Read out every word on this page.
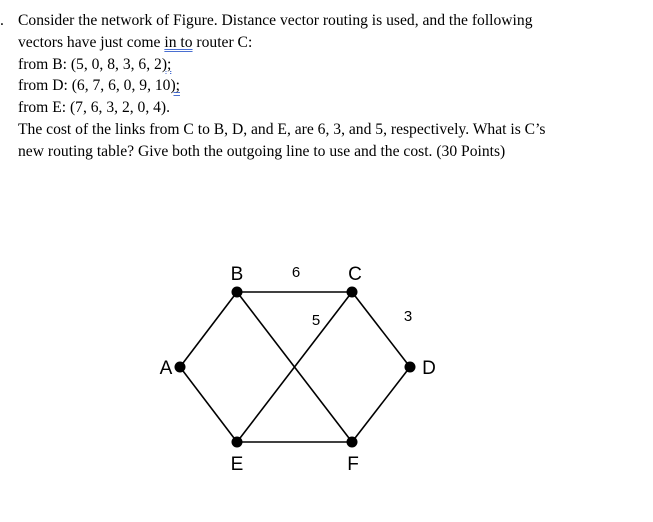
. Consider the network of Figure. Distance vector routing is used, and the following
vectors have just come in to router C:
from B: (5, 0, 8, 3, 6, 2);
from D: (6, 7, 6, 0, 9, 10);
from E: (7, 6, 3, 2, 0, 4).
The cost of the links from C to B, D, and E, are 6, 3, and 5, respectively. What is C’s
new routing table? Give both the outgoing line to use and the cost. (30 Points)
A
B	C
D
E	F
6
5	3
